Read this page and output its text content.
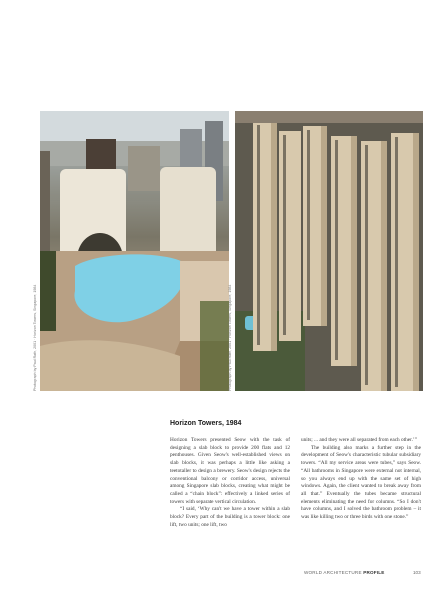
Photograph by Paul Rath, 2001 · Horizon Towers, Singapore, 1984	Photograph by Paul Rath, 2001 · Horizon Towers, Singapore, 1984
Horizon Towers, 1984

Horizon Towers presented Seow with the task of designing a slab block to provide 200 flats and 12 penthouses. Given Seow's well-established views on slab blocks, it was perhaps a little like asking a teetotaller to design a brewery. Seow's design rejects the conventional balcony or corridor access, universal among Singapore slab blocks, creating what might be called a “chain block”: effectively a linked series of towers with separate vertical circulation.

“I said, ‘Why can't we have a tower within a slab block? Every part of the building is a tower block: one lift, two units; one lift, two

units; ... and they were all separated from each other.’”

The building also marks a further step in the development of Seow's characteristic tubular subsidiary towers. “All my service areas were tubes,” says Seow. “All bathrooms in Singapore were external not internal, so you always end up with the same set of high windows. Again, the client wanted to break away from all that.” Eventually the tubes became structural elements eliminating the need for columns. “So I don't have columns, and I solved the bathroom problem – it was like killing two or three birds with one stone.”

WORLD ARCHITECTURE PROFILE	103
